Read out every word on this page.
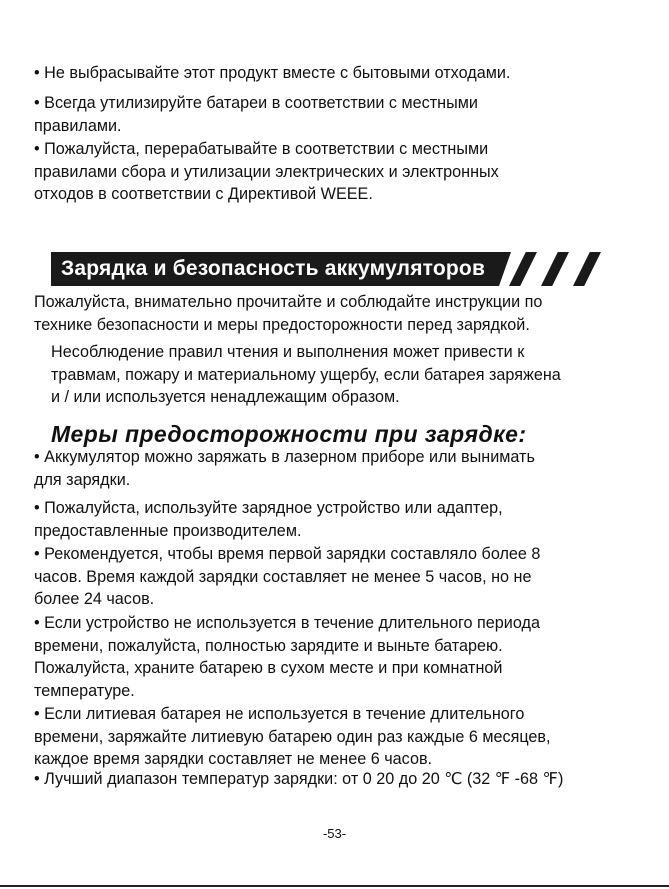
• Не выбрасывайте этот продукт вместе с бытовыми отходами.

• Всегда утилизируйте батареи в соответствии с местными
правилами.

• Пожалуйста, перерабатывайте в соответствии с местными
правилами сбора и утилизации электрических и электронных
отходов в соответствии с Директивой WEEE.

Зарядка и безопасность аккумуляторов

Пожалуйста, внимательно прочитайте и соблюдайте инструкции по
технике безопасности и меры предосторожности перед зарядкой.

Несоблюдение правил чтения и выполнения может привести к
травмам, пожару и материальному ущербу, если батарея заряжена
и / или используется ненадлежащим образом.

Меры предосторожности при зарядке:

• Аккумулятор можно заряжать в лазерном приборе или вынимать
для зарядки.

• Пожалуйста, используйте зарядное устройство или адаптер,
предоставленные производителем.

• Рекомендуется, чтобы время первой зарядки составляло более 8
часов. Время каждой зарядки составляет не менее 5 часов, но не
более 24 часов.

• Если устройство не используется в течение длительного периода
времени, пожалуйста, полностью зарядите и выньте батарею.
Пожалуйста, храните батарею в сухом месте и при комнатной
температуре.

• Если литиевая батарея не используется в течение длительного
времени, заряжайте литиевую батарею один раз каждые 6 месяцев,
каждое время зарядки составляет не менее 6 часов.

• Лучший диапазон температур зарядки: от 0 20 до 20 ℃ (32 ℉ -68 ℉)

-53-
